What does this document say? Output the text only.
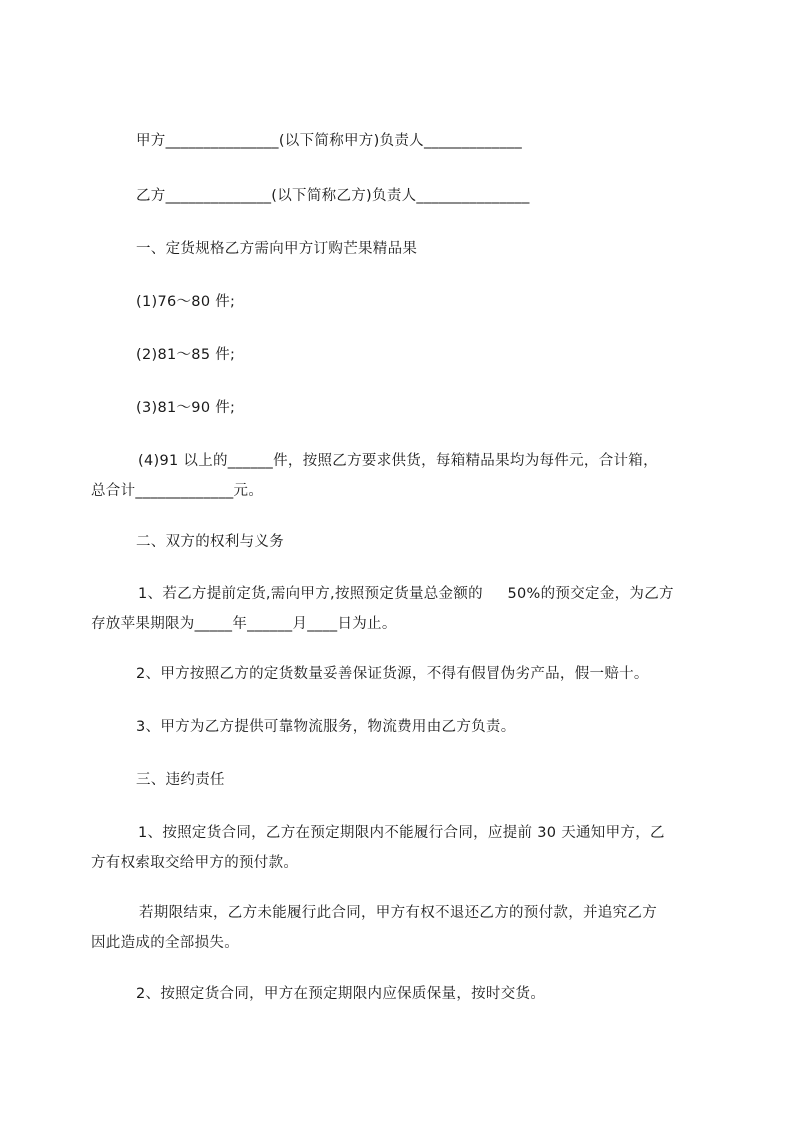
甲方_______________(以下简称甲方)负责人_____________
乙方______________(以下简称乙方)负责人_______________
一、定货规格乙方需向甲方订购芒果精品果
(1)76～80 件;
(2)81～85 件;
(3)81～90 件;
(4)91 以上的______件，按照乙方要求供货，每箱精品果均为每件元，合计箱，
总合计_____________元。
二、双方的权利与义务
1、若乙方提前定货,需向甲方,按照预定货量总金额的     50%的预交定金，为乙方
存放苹果期限为_____年______月____日为止。
2、甲方按照乙方的定货数量妥善保证货源，不得有假冒伪劣产品，假一赔十。
3、甲方为乙方提供可靠物流服务，物流费用由乙方负责。
三、违约责任
1、按照定货合同，乙方在预定期限内不能履行合同，应提前 30 天通知甲方，乙
方有权索取交给甲方的预付款。
若期限结束，乙方未能履行此合同，甲方有权不退还乙方的预付款，并追究乙方
因此造成的全部损失。
2、按照定货合同，甲方在预定期限内应保质保量，按时交货。
